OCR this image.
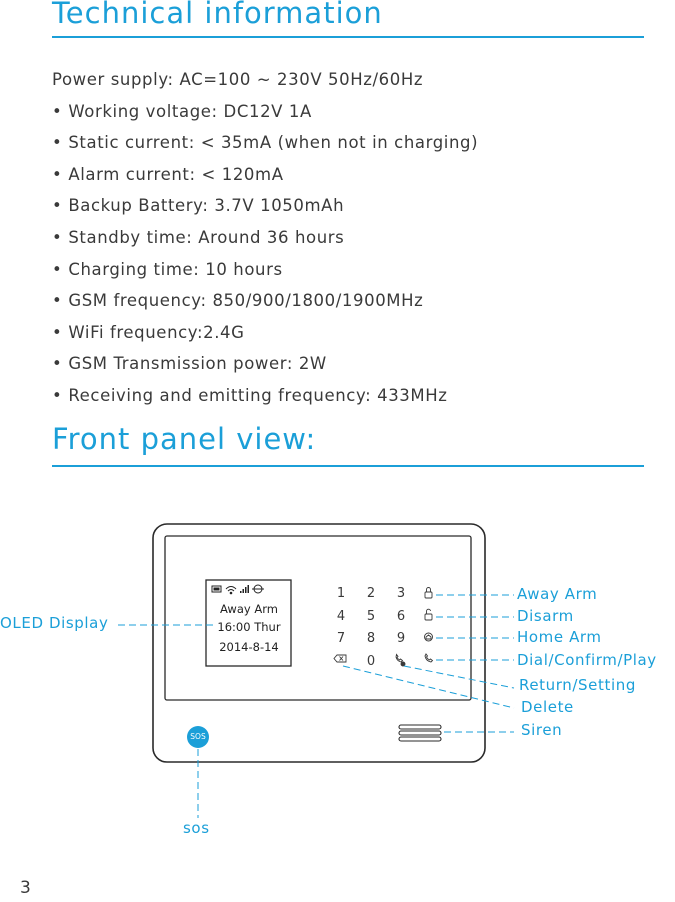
Technical information
Power supply: AC=100 ~ 230V 50Hz/60Hz
• Working voltage: DC12V 1A
• Static current: < 35mA (when not in charging)
• Alarm current: < 120mA
• Backup Battery: 3.7V 1050mAh
• Standby time: Around 36 hours
• Charging time: 10 hours
• GSM frequency: 850/900/1800/1900MHz
• WiFi frequency:2.4G
• GSM Transmission power: 2W
• Receiving and emitting frequency: 433MHz
Front panel view:
Away Arm
16:00 Thur
2014-8-14
1 2 3
4 5 6
7 8 9
0
SOS
Away Arm
Disarm
Home Arm
Dial/Confirm/Play
Return/Setting
Delete
Siren
OLED Display
sos
3
